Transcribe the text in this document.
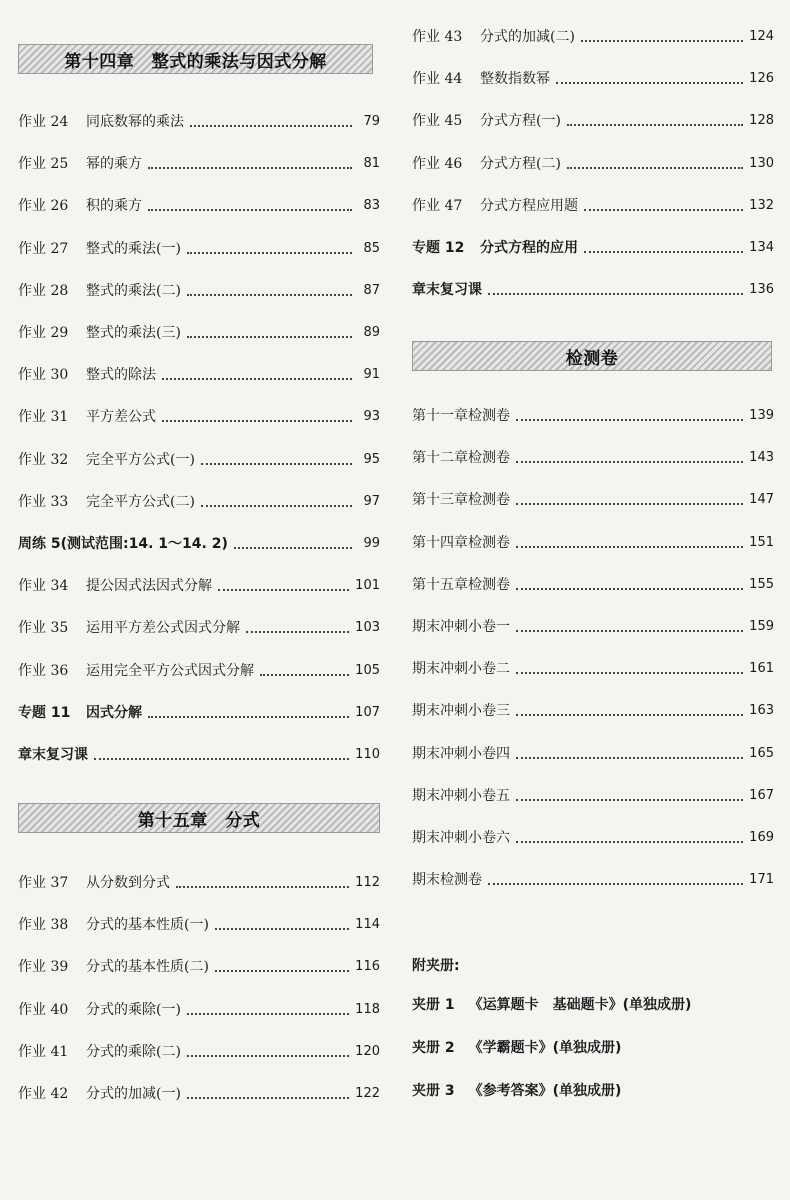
第十四章　整式的乘法与因式分解
作业 24	同底数幂的乘法	79
作业 25	幂的乘方	81
作业 26	积的乘方	83
作业 27	整式的乘法(一)	85
作业 28	整式的乘法(二)	87
作业 29	整式的乘法(三)	89
作业 30	整式的除法	91
作业 31	平方差公式	93
作业 32	完全平方公式(一)	95
作业 33	完全平方公式(二)	97
周练 5(测试范围:14. 1～14. 2)	99
作业 34	提公因式法因式分解	101
作业 35	运用平方差公式因式分解	103
作业 36	运用完全平方公式因式分解	105
专题 11	因式分解	107
章末复习课	110
第十五章　分式
作业 37	从分数到分式	112
作业 38	分式的基本性质(一)	114
作业 39	分式的基本性质(二)	116
作业 40	分式的乘除(一)	118
作业 41	分式的乘除(二)	120
作业 42	分式的加减(一)	122
作业 43	分式的加减(二)	124
作业 44	整数指数幂	126
作业 45	分式方程(一)	128
作业 46	分式方程(二)	130
作业 47	分式方程应用题	132
专题 12	分式方程的应用	134
章末复习课	136
检测卷
第十一章检测卷	139
第十二章检测卷	143
第十三章检测卷	147
第十四章检测卷	151
第十五章检测卷	155
期末冲刺小卷一	159
期末冲刺小卷二	161
期末冲刺小卷三	163
期末冲刺小卷四	165
期末冲刺小卷五	167
期末冲刺小卷六	169
期末检测卷	171
附夹册:
夹册 1 《运算题卡　基础题卡》(单独成册)
夹册 2 《学霸题卡》(单独成册)
夹册 3 《参考答案》(单独成册)
